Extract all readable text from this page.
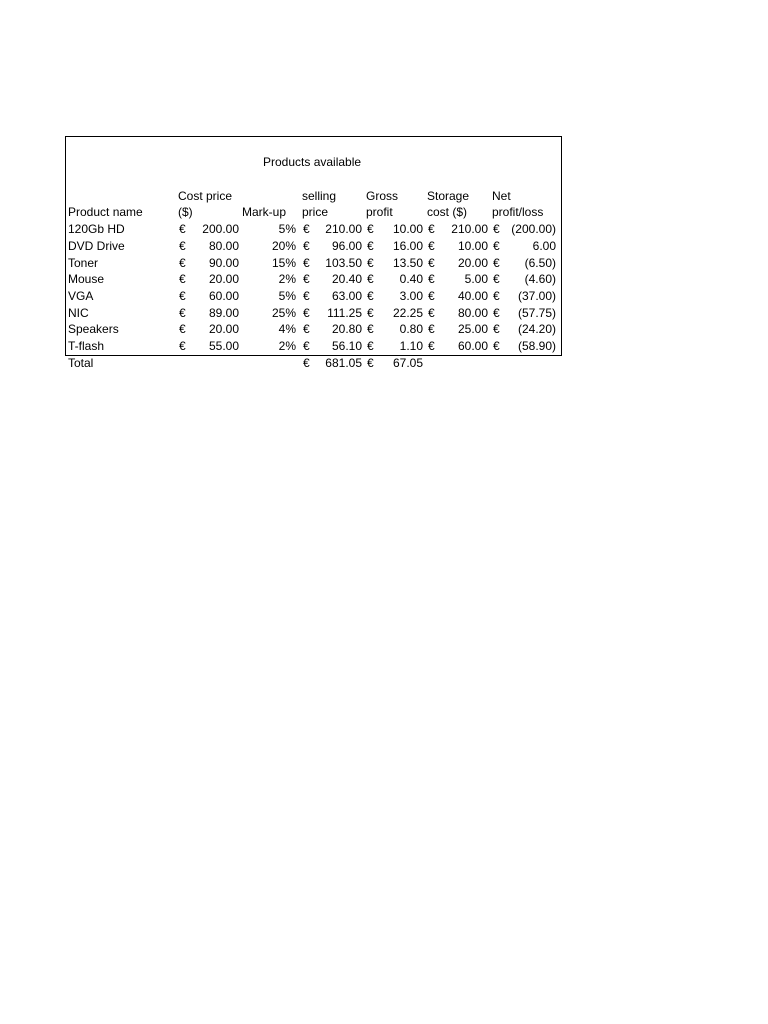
Products available

	Cost price		selling	Gross	Storage	Net
Product name	($)	Mark-up	price	profit	cost ($)	profit/loss
120Gb HD	€ 200.00	5%	€ 210.00	€ 10.00	€ 210.00	€ (200.00)

DVD Drive	€ 80.00	20%	€ 96.00	€ 16.00	€ 10.00	€ 6.00

Toner	€ 90.00	15%	€ 103.50	€ 13.50	€ 20.00	€ (6.50)

Mouse	€ 20.00	2%	€ 20.40	€ 0.40	€ 5.00	€ (4.60)

VGA	€ 60.00	5%	€ 63.00	€ 3.00	€ 40.00	€ (37.00)

NIC	€ 89.00	25%	€ 111.25	€ 22.25	€ 80.00	€ (57.75)

Speakers	€ 20.00	4%	€ 20.80	€ 0.80	€ 25.00	€ (24.20)

T-flash	€ 55.00	2%	€ 56.10	€ 1.10	€ 60.00	€ (58.90)

Total			€ 681.05	€ 67.05		
